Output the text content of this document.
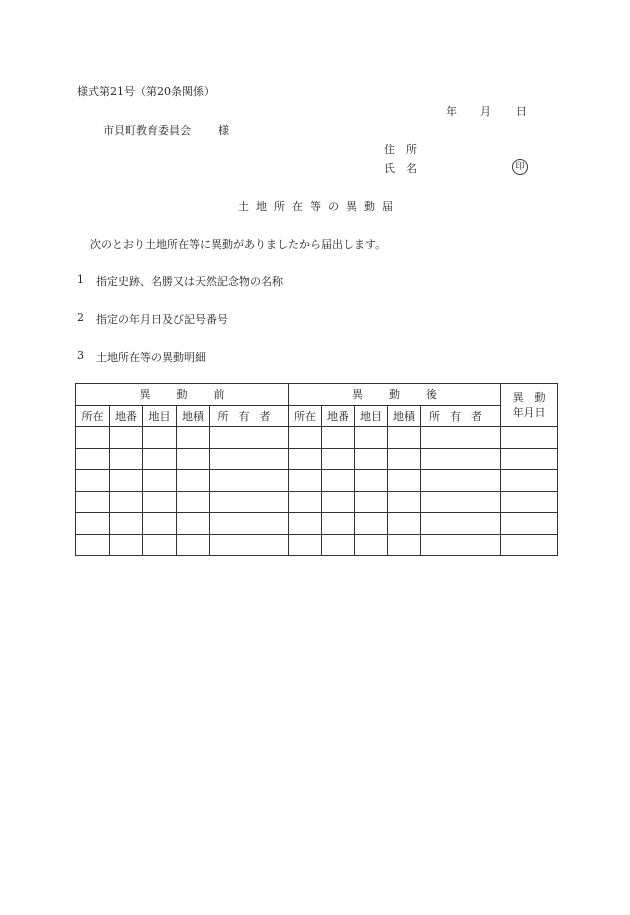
様式第21号（第20条関係）
年 月 日
市貝町教育委員会 様
住　所
氏　名	印
土地所在等の異動届
次のとおり土地所在等に異動がありましたから届出します。
1 指定史跡、名勝又は天然記念物の名称
2 指定の年月日及び記号番号
3 土地所在等の異動明細
異動前					異動後					異　動
年月日

所在	地番	地目	地積	所有者	所在	地番	地目	地積	所有者	
